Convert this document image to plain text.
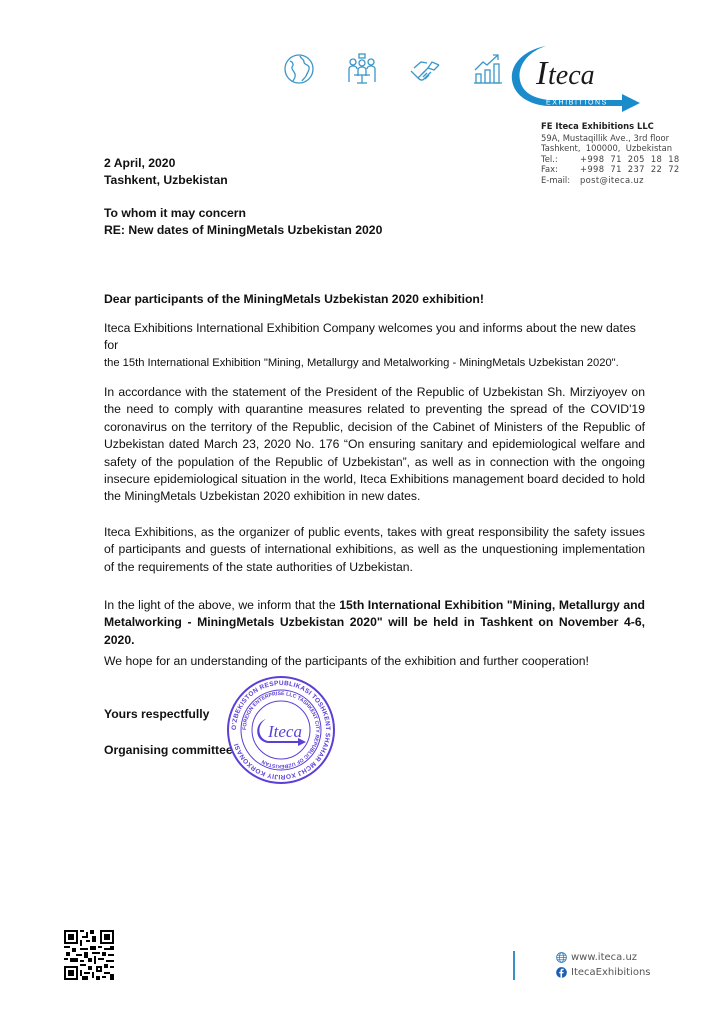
I teca
EXHIBITIONS
FE Iteca Exhibitions LLC
59A, Mustaqillik Ave., 3rd floor
Tashkent,  100000,  Uzbekistan
Tel.:	+998  71  205  18  18
Fax:	+998  71  237  22  72
E-mail:	post@iteca.uz
2 April, 2020
Tashkent, Uzbekistan
To whom it may concern
RE: New dates of MiningMetals Uzbekistan 2020
Dear participants of the MiningMetals Uzbekistan 2020 exhibition!
Iteca Exhibitions International Exhibition Company welcomes you and informs about the new dates for
the 15th International Exhibition "Mining, Metallurgy and Metalworking - MiningMetals Uzbekistan 2020".
In accordance with the statement of the President of the Republic of Uzbekistan Sh. Mirziyoyev on the need to comply with quarantine measures related to preventing the spread of the COVID'19 coronavirus on the territory of the Republic, decision of the Cabinet of Ministers of the Republic of Uzbekistan dated March 23, 2020 No. 176 “On ensuring sanitary and epidemiological welfare and safety of the population of the Republic of Uzbekistan”, as well as in connection with the ongoing insecure epidemiological situation in the world, Iteca Exhibitions management board decided to hold the MiningMetals Uzbekistan 2020 exhibition in new dates.
Iteca Exhibitions, as the organizer of public events, takes with great responsibility the safety issues of participants and guests of international exhibitions, as well as the unquestioning implementation of the requirements of the state authorities of Uzbekistan.
In the light of the above, we inform that the 15th International Exhibition "Mining, Metallurgy and Metalworking - MiningMetals Uzbekistan 2020" will be held in Tashkent on November 4-6, 2020.
We hope for an understanding of the participants of the exhibition and further cooperation!
Yours respectfully
Organising committee
O'ZBEKISTON RESPUBLIKASI TOSHKENT SHAHAR MCHJ XORIJIY KORXONASI
FOREIGN ENTERPRISE LLC TASHKENT CITY REPUBLIC OF UZBEKISTAN
Iteca
www.iteca.uz
ItecaExhibitions
